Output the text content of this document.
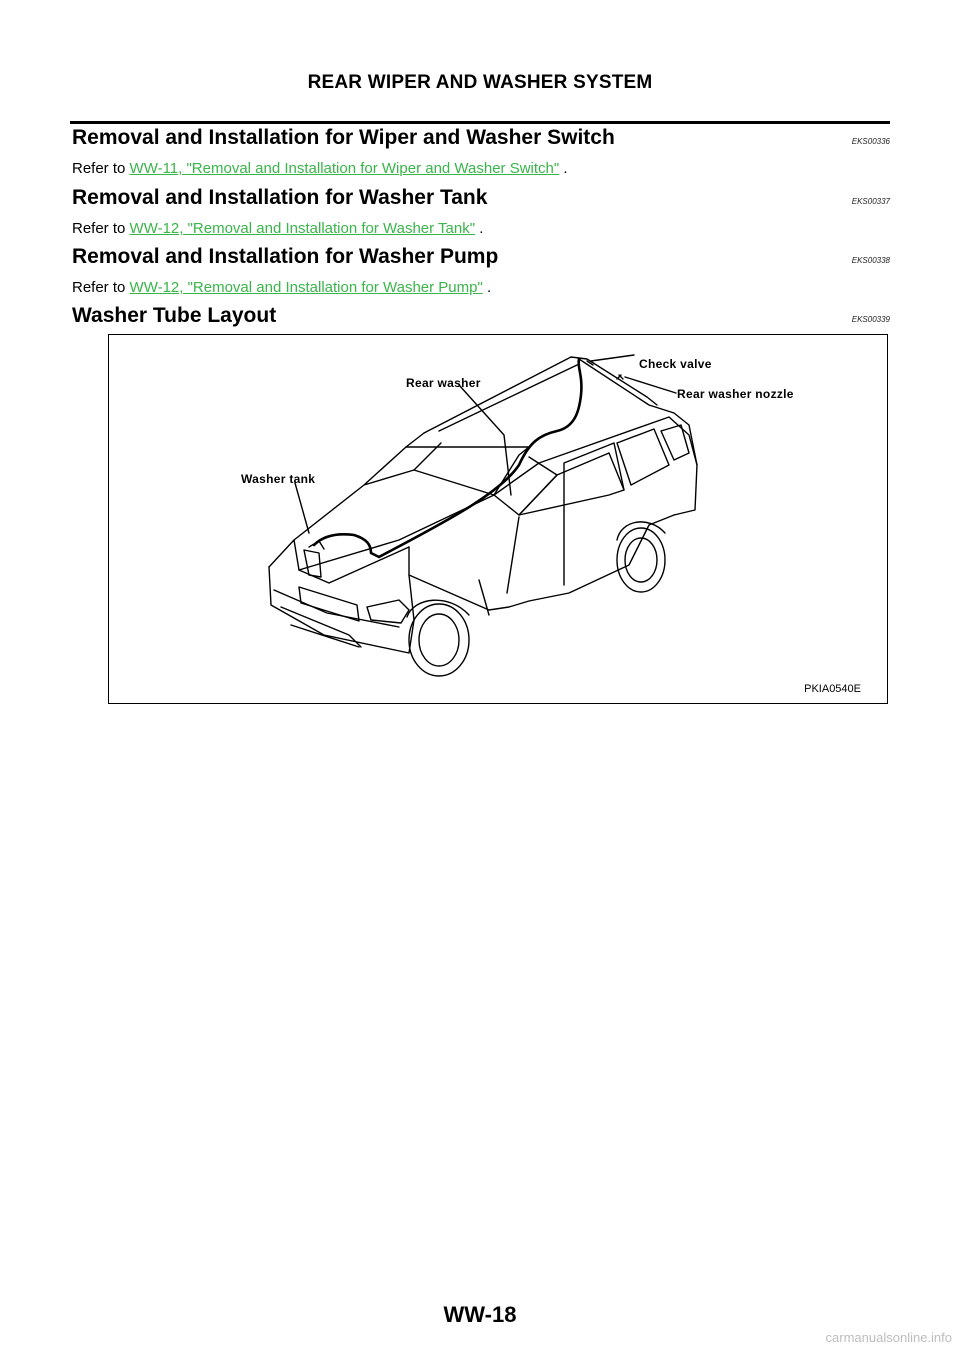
REAR WIPER AND WASHER SYSTEM
Removal and Installation for Wiper and Washer Switch	EKS00336
Refer to WW-11, "Removal and Installation for Wiper and Washer Switch" .
Removal and Installation for Washer Tank	EKS00337
Refer to WW-12, "Removal and Installation for Washer Tank" .
Removal and Installation for Washer Pump	EKS00338
Refer to WW-12, "Removal and Installation for Washer Pump" .
Washer Tube Layout	EKS00339
Check valve
Rear washer
Rear washer nozzle
Washer tank
PKIA0540E
WW-18
carmanualsonline.info
